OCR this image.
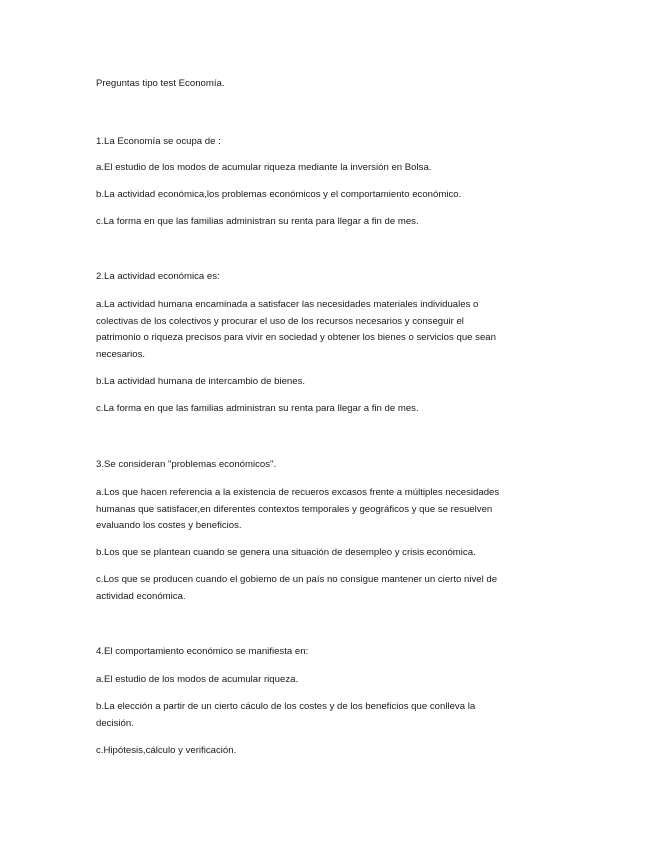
Preguntas tipo test Economía.
1.La Economía se ocupa de :
a.El estudio de los modos de acumular riqueza mediante la inversión en Bolsa.
b.La actividad económica,los problemas económicos y el comportamiento económico.
c.La forma en que las familias administran su renta para llegar a fin de mes.
2.La actividad económica es:
a.La actividad humana encaminada a satisfacer las necesidades materiales individuales o
colectivas de los colectivos y procurar el uso de los recursos necesarios y conseguir el
patrimonio o riqueza precisos para vivir en sociedad y obtener los bienes o servicios que sean
necesarios.
b.La actividad humana de intercambio de bienes.
c.La forma en que las familias administran su renta para llegar a fin de mes.
3.Se consideran "problemas económicos".
a.Los que hacen referencia a la existencia de recueros excasos frente a múltiples necesidades
humanas que satisfacer,en diferentes contextos temporales y geográficos y que se resuelven
evaluando los costes y beneficios.
b.Los que se plantean cuando se genera una situación de desempleo y crisis económica.
c.Los que se producen cuando el gobiemo de un país no consigue mantener un cierto nivel de
actividad económica.
4.El comportamiento económico se manifiesta en:
a.El estudio de los modos de acumular riqueza.
b.La elección a partir de un cierto cáculo de los costes y de los beneficios que conlleva la
decisión.
c.Hipótesis,cálculo y verificación.
